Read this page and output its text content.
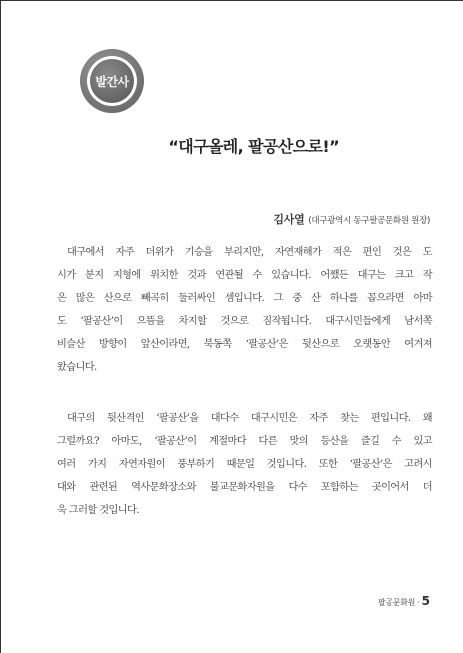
발간사
“대구올레, 팔공산으로!”
김사열 (대구광역시 동구팔공문화원 원장)
대구에서 자주 더위가 기승을 부리지만, 자연재해가 적은 편인 것은 도
시가 분지 지형에 위치한 것과 연관될 수 있습니다. 어쨌든 대구는 크고 작
은 많은 산으로 빼곡히 둘러싸인 셈입니다. 그 중 산 하나를 꼽으라면 아마
도 ‘팔공산’이 으뜸을 차지할 것으로 짐작됩니다. 대구시민들에게 남서쪽
비슬산 방향이 앞산이라면, 북동쪽 ‘팔공산’은 뒷산으로 오랫동안 여겨져
왔습니다.
대구의 뒷산격인 ‘팔공산’을 대다수 대구시민은 자주 찾는 편입니다. 왜
그럴까요? 아마도, ‘팔공산’이 계절마다 다른 맛의 등산을 즐길 수 있고
여러 가지 자연자원이 풍부하기 때문일 것입니다. 또한 ‘팔공산’은 고려시
대와 관련된 역사문화장소와 불교문화자원을 다수 포함하는 곳이어서 더
욱 그러할 것입니다.
팔공문화원 · 5
